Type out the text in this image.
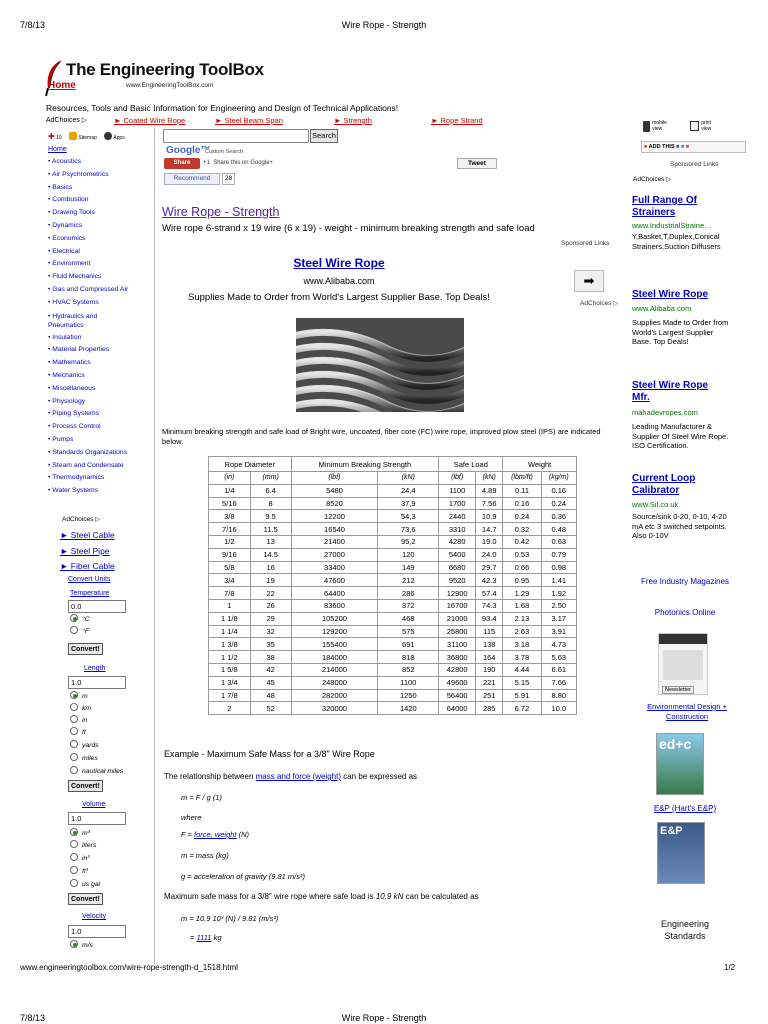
7/8/13	Wire Rope - Strength
The Engineering ToolBox
Home	www.EngineeringToolBox.com
Resources, Tools and Basic Information for Engineering and Design of Technical Applications!
AdChoices ▷	► Coated Wire Rope	► Steel Beam Span	► Strength	► Rope Strand
✚ 10	Sitemap	Apps
Home
• Acoustics
• Air Psychrometrics
• Basics
• Combustion
• Drawing Tools
• Dynamics
• Economics
• Electrical
• Environment
• Fluid Mechanics
• Gas and Compressed Air
• HVAC Systems
• Hydraulics and Pneumatics
• Insulation
• Material Properties
• Mathematics
• Mechanics
• Miscellaneous
• Physiology
• Piping Systems
• Process Control
• Pumps
• Standards Organizations
• Steam and Condensate
• Thermodynamics
• Water Systems
AdChoices ▷
► Steel Cable
► Steel Pipe
► Fiber Cable
Convert Units
Temperature
0.0
°C
°F
Convert!
Length
1.0
m
km
in
ft
yards
miles
nautical miles
Convert!
Volume
1.0
m³
liters
in³
ft³
us gal
Convert!
Velocity
1.0
m/s
Search
Google™
Custom Search
Share	+1 Share this on Google+	Tweet
Recommend	28
Wire Rope - Strength
Wire rope 6-strand x 19 wire (6 x 19) - weight - minimum breaking strength and safe load
Sponsored Links
Steel Wire Rope
www.Alibaba.com
Supplies Made to Order from World's Largest Supplier Base. Top Deals!
➡
AdChoices ▷
Minimum breaking strength and safe load of Bright wire, uncoated, fiber core (FC) wire rope, improved plow steel (IPS) are indicated below.
Rope Diameter		Minimum Breaking Strength		Safe Load		Weight	
(in)	(mm)	(lbf)	(kN)	(lbf)	(kN)	(lbm/ft)	(kg/m)
1/4	6.4	5480	24,4	1100	4.89	0.11	0.16
5/16	8	8520	37,9	1700	7.56	0.16	0.24
3/8	9.5	12200	54,3	2440	10.9	0.24	0.36
7/16	11.5	16540	73,6	3310	14.7	0.32	0.48
1/2	13	21400	95,2	4280	19.0	0.42	0.63
9/16	14.5	27000	120	5400	24.0	0.53	0.79
5/8	16	33400	149	6680	29.7	0.66	0.98
3/4	19	47600	212	9520	42.3	0.95	1.41
7/8	22	64400	286	12900	57.4	1.29	1.92
1	26	83600	372	16700	74.3	1.68	2.50
1 1/8	29	105200	468	21000	93.4	2.13	3.17
1 1/4	32	129200	575	25800	115	2.63	3.91
1 3/8	35	155400	691	31100	138	3.18	4.73
1 1/2	38	184000	818	36800	164	3.78	5.63
1 5/8	42	214000	852	42800	190	4.44	6.61
1 3/4	45	248000	1100	49600	221	5.15	7.66
1 7/8	48	282000	1250	56400	251	5.91	8.80
2	52	320000	1420	64000	285	6.72	10.0
Example - Maximum Safe Mass for a 3/8" Wire Rope
The relationship between mass and force (weight) can be expressed as
m = F / g (1)
where
F = force, weight (N)
m = mass (kg)
g = acceleration of gravity (9.81 m/s²)
Maximum safe mass for a 3/8" wire rope where safe load is 10.9 kN can be calculated as
m = 10.9 10³ (N) / 9.81 (m/s²)
= 1111 kg
mobile view
print view
■ ADD THIS ■ ■ ■
Sponsored Links
AdChoices ▷
Full Range Of Strainers
www.IndustrialStraine…
Y,Basket,T,Duplex,Conical Strainers,Suction Diffusers
Steel Wire Rope
www.Alibaba.com
Supplies Made to Order from World's Largest Supplier Base. Top Deals!
Steel Wire Rope Mfr.
mahadevropes.com
Leading Manufacturer & Supplier Of Steel Wire Rope. ISO Certification.
Current Loop Calibrator
www.Sil.co.uk
Source/sink 0-20, 0-10, 4-20 mA etc 3 switched setpoints. Also 0-10V
Free Industry Magazines
Photonics Online
Newsletter
Environmental Design + Construction
ed+c
E&P (Hart's E&P)
E&P
Engineering Standards
www.engineeringtoolbox.com/wire-rope-strength-d_1518.html	1/2
7/8/13	Wire Rope - Strength
